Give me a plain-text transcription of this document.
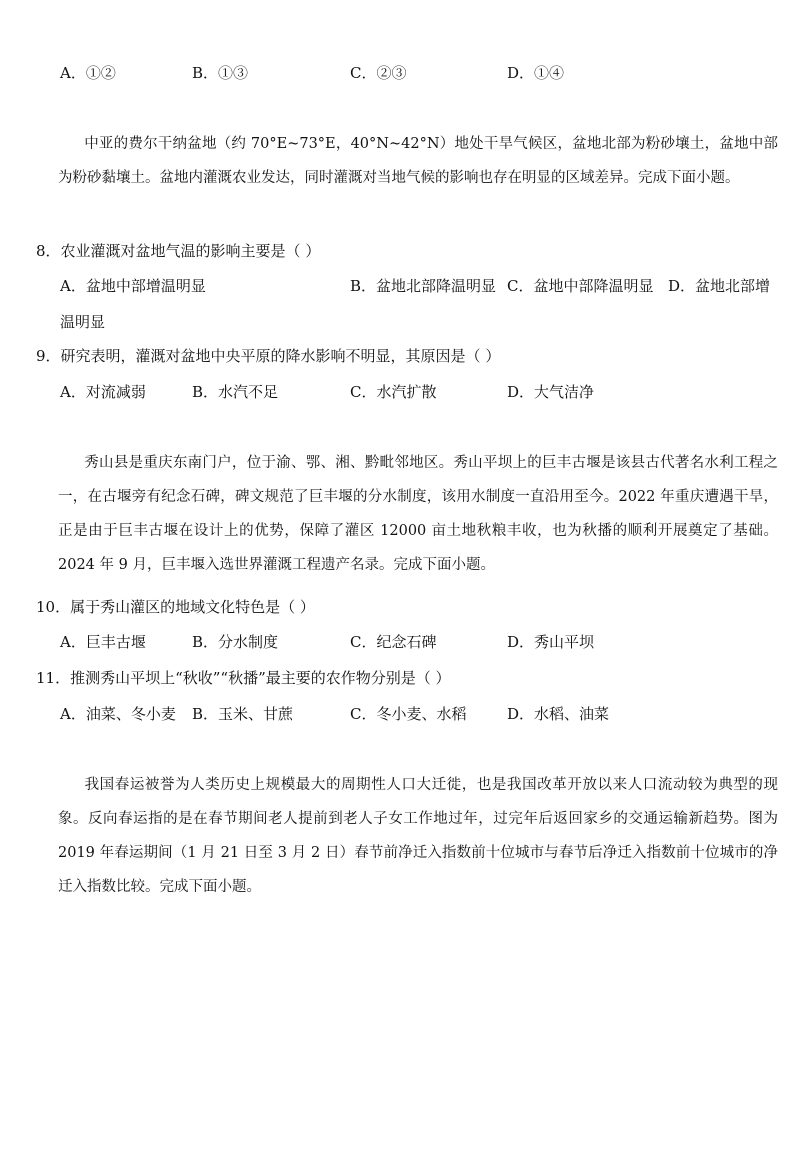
A．①②	B．①③	C．②③	D．①④
中亚的费尔干纳盆地（约 70°E~73°E，40°N~42°N）地处干旱气候区，盆地北部为粉砂壤土，盆地中部为粉砂黏壤土。盆地内灌溉农业发达，同时灌溉对当地气候的影响也存在明显的区域差异。完成下面小题。
8．农业灌溉对盆地气温的影响主要是（ ）
A．盆地中部增温明显	B．盆地北部降温明显 C．盆地中部降温明显 D．盆地北部增
温明显
9．研究表明，灌溉对盆地中央平原的降水影响不明显，其原因是（ ）
A．对流减弱	B．水汽不足	C．水汽扩散	D．大气洁净
秀山县是重庆东南门户，位于渝、鄂、湘、黔毗邻地区。秀山平坝上的巨丰古堰是该县古代著名水利工程之一，在古堰旁有纪念石碑，碑文规范了巨丰堰的分水制度，该用水制度一直沿用至今。2022 年重庆遭遇干旱，正是由于巨丰古堰在设计上的优势，保障了灌区 12000 亩土地秋粮丰收，也为秋播的顺利开展奠定了基础。2024 年 9 月，巨丰堰入选世界灌溉工程遗产名录。完成下面小题。
10．属于秀山灌区的地域文化特色是（ ）
A．巨丰古堰	B．分水制度	C．纪念石碑	D．秀山平坝
11．推测秀山平坝上“秋收”“秋播”最主要的农作物分别是（ ）
A．油菜、冬小麦 B．玉米、甘蔗	C．冬小麦、水稻	D．水稻、油菜
我国春运被誉为人类历史上规模最大的周期性人口大迁徙，也是我国改革开放以来人口流动较为典型的现象。反向春运指的是在春节期间老人提前到老人子女工作地过年，过完年后返回家乡的交通运输新趋势。图为 2019 年春运期间（1 月 21 日至 3 月 2 日）春节前净迁入指数前十位城市与春节后净迁入指数前十位城市的净迁入指数比较。完成下面小题。
